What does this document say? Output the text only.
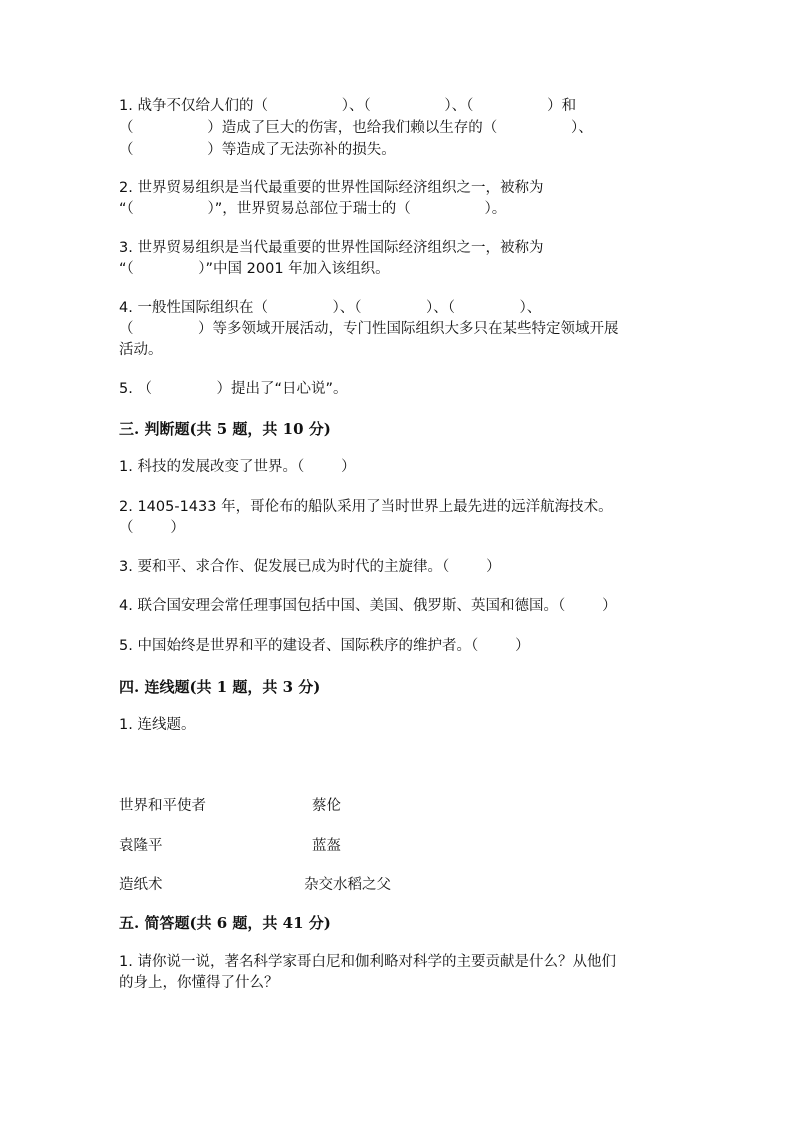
1. 战争不仅给人们的（                ）、（                ）、（                ）和

（                ）造成了巨大的伤害，也给我们赖以生存的（                ）、

（                ）等造成了无法弥补的损失。

2. 世界贸易组织是当代最重要的世界性国际经济组织之一，被称为

“（                ）”，世界贸易总部位于瑞士的（                ）。

3. 世界贸易组织是当代最重要的世界性国际经济组织之一，被称为

“（              ）”中国 2001 年加入该组织。

4. 一般性国际组织在（              ）、（              ）、（              ）、

（              ）等多领域开展活动，专门性国际组织大多只在某些特定领域开展

活动。

5. （              ）提出了“日心说”。

三. 判断题(共 5 题，共 10 分)

1. 科技的发展改变了世界。（        ）

2. 1405-1433 年，哥伦布的船队采用了当时世界上最先进的远洋航海技术。

（        ）

3. 要和平、求合作、促发展已成为时代的主旋律。（        ）

4. 联合国安理会常任理事国包括中国、美国、俄罗斯、英国和德国。（        ）

5. 中国始终是世界和平的建设者、国际秩序的维护者。（        ）

四. 连线题(共 1 题，共 3 分)

1. 连线题。

世界和平使者	蔡伦

袁隆平	蓝盔

造纸术	杂交水稻之父

五. 简答题(共 6 题，共 41 分)

1. 请你说一说，著名科学家哥白尼和伽利略对科学的主要贡献是什么？从他们

的身上，你懂得了什么？
